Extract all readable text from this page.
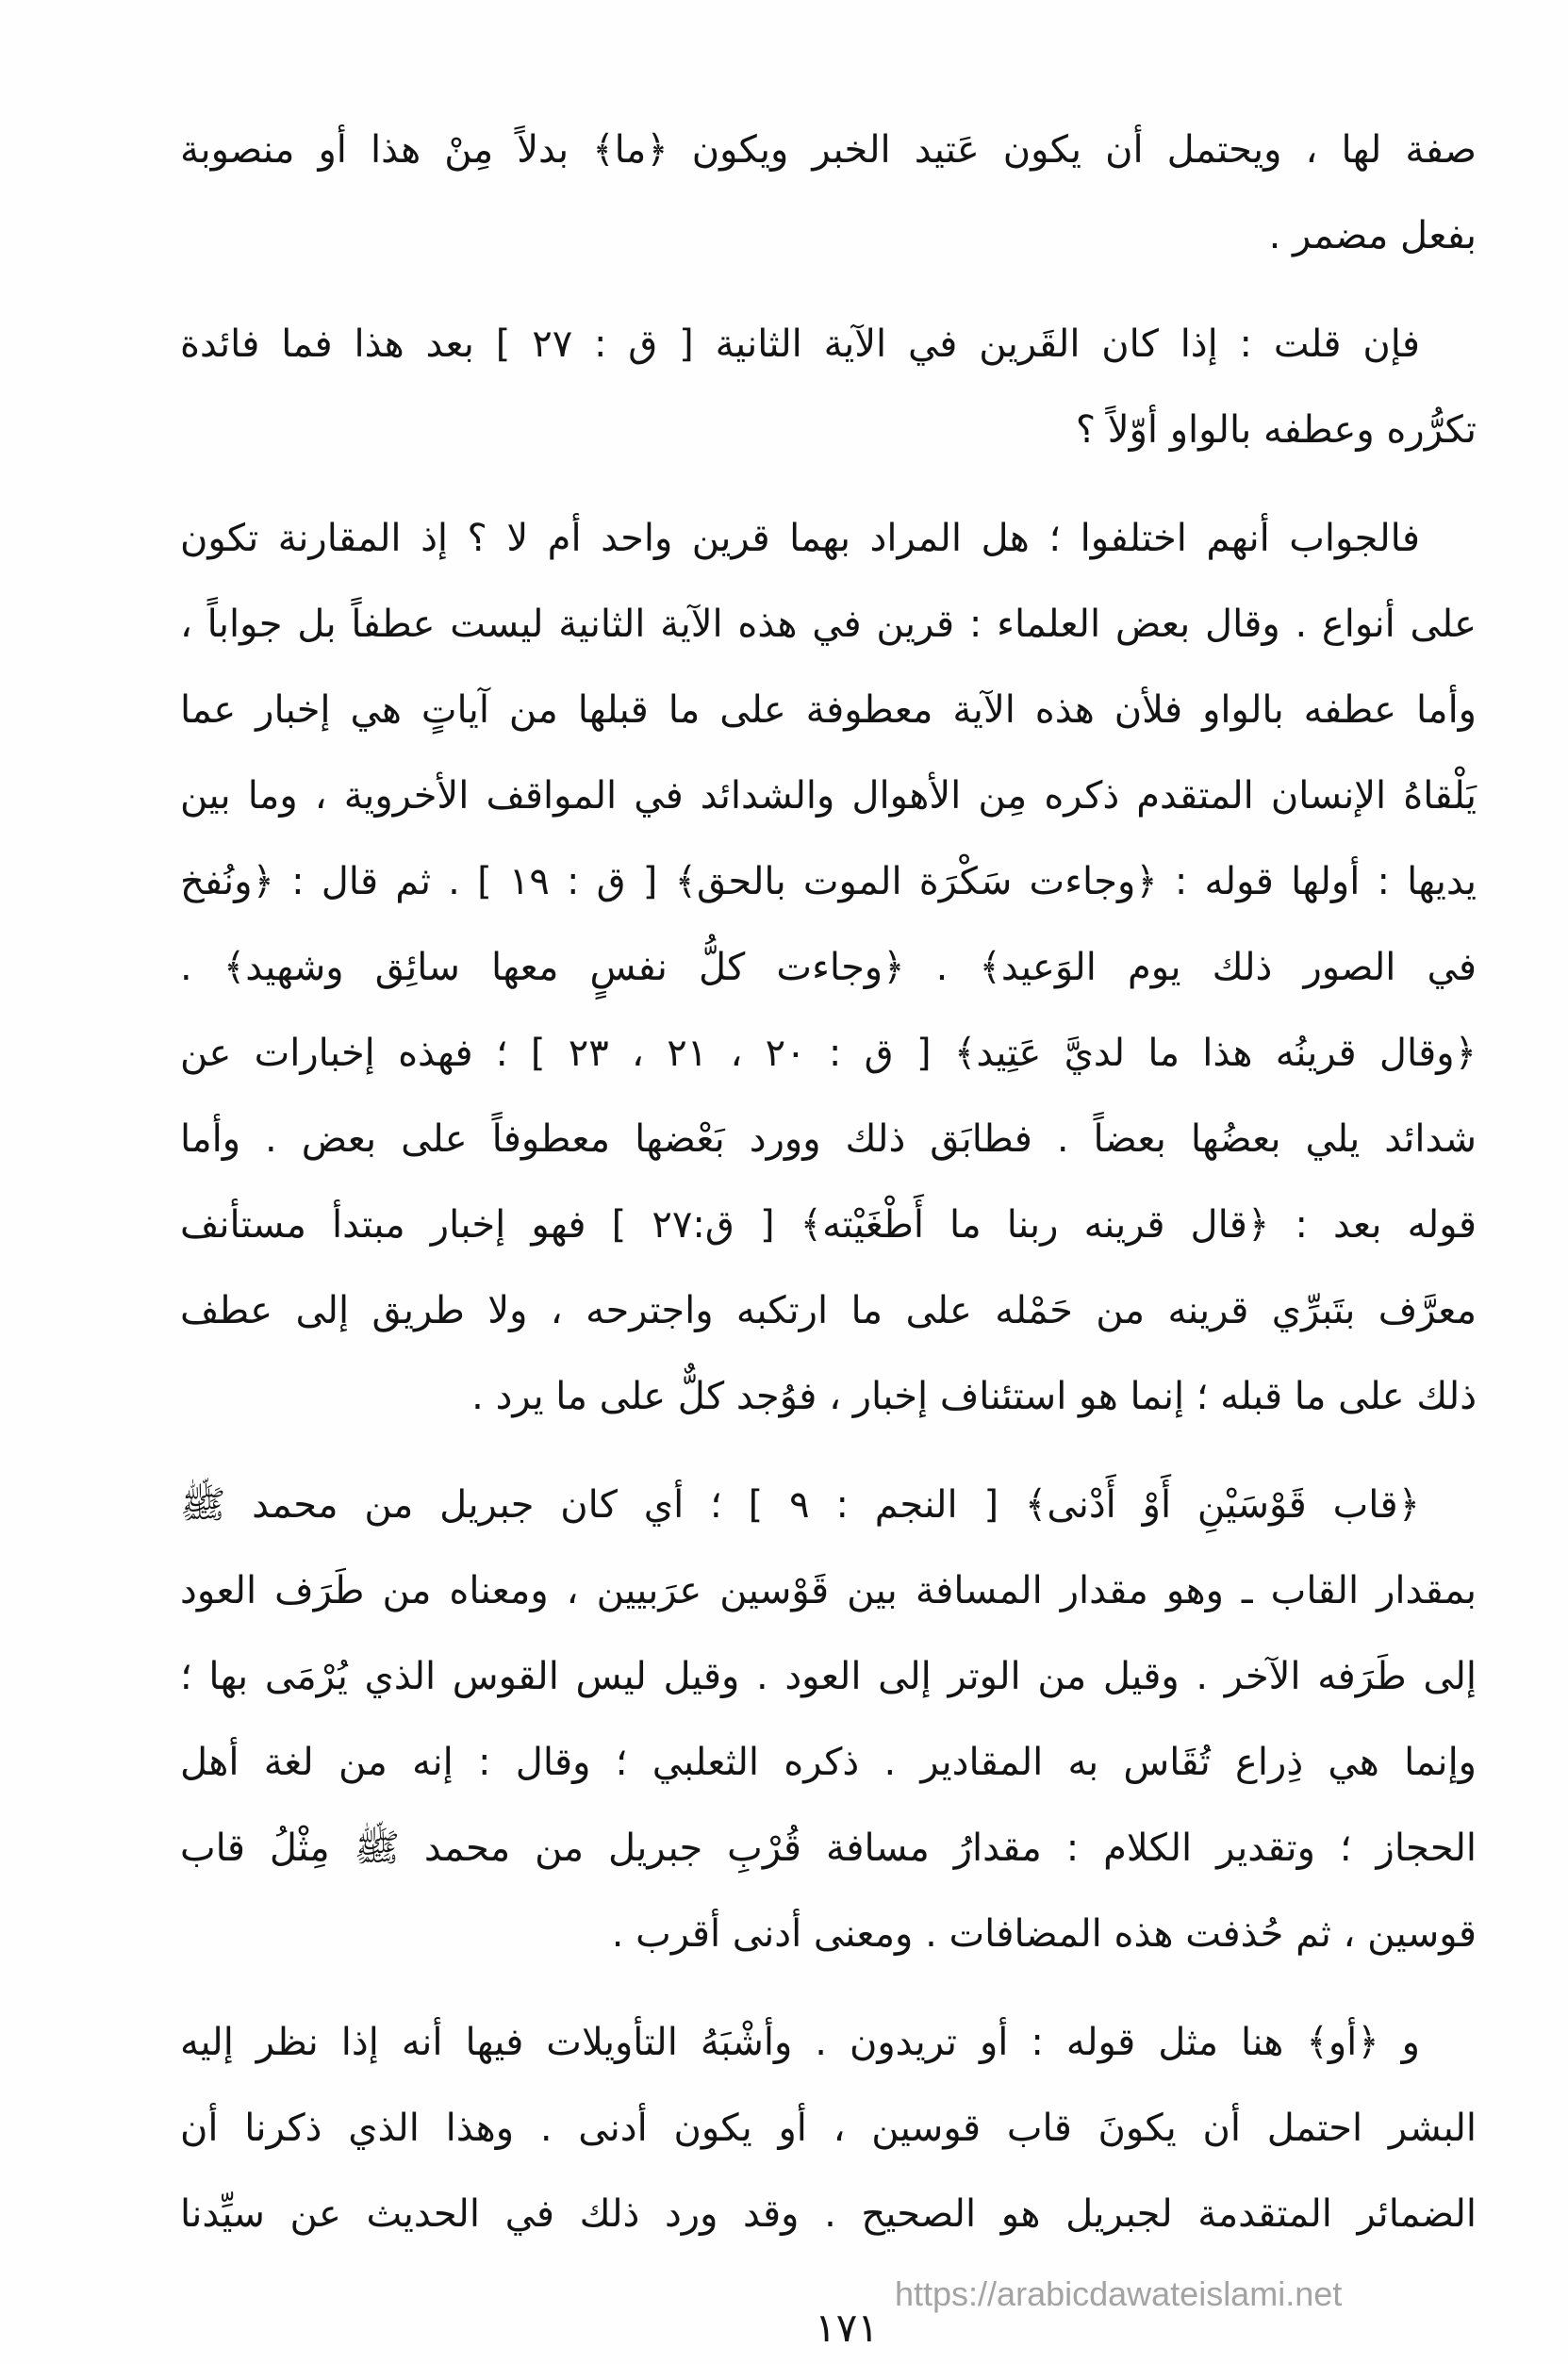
صفة لها ، ويحتمل أن يكون عَتيد الخبر ويكون ﴿ما﴾ بدلاً مِنْ هذا أو منصوبة
بفعل مضمر .
فإن قلت : إذا كان القَرين في الآية الثانية [ ق : ٢٧ ] بعد هذا فما فائدة
تكرُّره وعطفه بالواو أوّلاً ؟
فالجواب أنهم اختلفوا ؛ هل المراد بهما قرين واحد أم لا ؟ إذ المقارنة تكون
على أنواع . وقال بعض العلماء : قرين في هذه الآية الثانية ليست عطفاً بل جواباً ،
وأما عطفه بالواو فلأن هذه الآية معطوفة على ما قبلها من آياتٍ هي إخبار عما
يَلْقاهُ الإنسان المتقدم ذكره مِن الأهوال والشدائد في المواقف الأخروية ، وما بين
يديها : أولها قوله : ﴿وجاءت سَكْرَة الموت بالحق﴾ [ ق : ١٩ ] . ثم قال : ﴿ونُفخ
في الصور ذلك يوم الوَعيد﴾ . ﴿وجاءت كلُّ نفسٍ معها سائِق وشهيد﴾ .
﴿وقال قرينُه هذا ما لديَّ عَتِيد﴾ [ ق : ٢٠ ، ٢١ ، ٢٣ ] ؛ فهذه إخبارات عن
شدائد يلي بعضُها بعضاً . فطابَق ذلك وورد بَعْضها معطوفاً على بعض . وأما
قوله بعد : ﴿قال قرينه ربنا ما أَطْغَيْته﴾ [ ق:٢٧ ] فهو إخبار مبتدأ مستأنف
معرَّف بتَبرِّي قرينه من حَمْله على ما ارتكبه واجترحه ، ولا طريق إلى عطف
ذلك على ما قبله ؛ إنما هو استئناف إخبار ، فوُجد كلٌّ على ما يرد .
﴿قاب قَوْسَيْنِ أَوْ أَدْنى﴾ [ النجم : ٩ ] ؛ أي كان جبريل من محمد ﷺ
بمقدار القاب ـ وهو مقدار المسافة بين قَوْسين عرَبيين ، ومعناه من طَرَف العود
إلى طَرَفه الآخر . وقيل من الوتر إلى العود . وقيل ليس القوس الذي يُرْمَى بها ؛
وإنما هي ذِراع تُقَاس به المقادير . ذكره الثعلبي ؛ وقال : إنه من لغة أهل
الحجاز ؛ وتقدير الكلام : مقدارُ مسافة قُرْبِ جبريل من محمد ﷺ مِثْلُ قاب
قوسين ، ثم حُذفت هذه المضافات . ومعنى أدنى أقرب .
و ﴿أو﴾ هنا مثل قوله : أو تريدون . وأشْبَهُ التأويلات فيها أنه إذا نظر إليه
البشر احتمل أن يكونَ قاب قوسين ، أو يكون أدنى . وهذا الذي ذكرنا أن
الضمائر المتقدمة لجبريل هو الصحيح . وقد ورد ذلك في الحديث عن سيِّدنا
https://arabicdawateislami.net
١٧١
